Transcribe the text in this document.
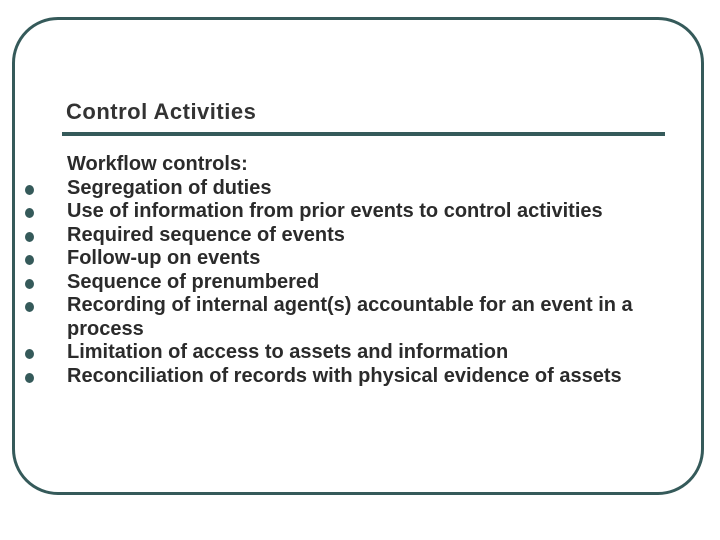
Control Activities

Workflow controls:

Segregation of duties
Use of information from prior events to control activities
Required sequence of events
Follow-up on events
Sequence of prenumbered
Recording of internal agent(s) accountable for an event in a process
Limitation of access to assets and information
Reconciliation of records with physical evidence of assets
